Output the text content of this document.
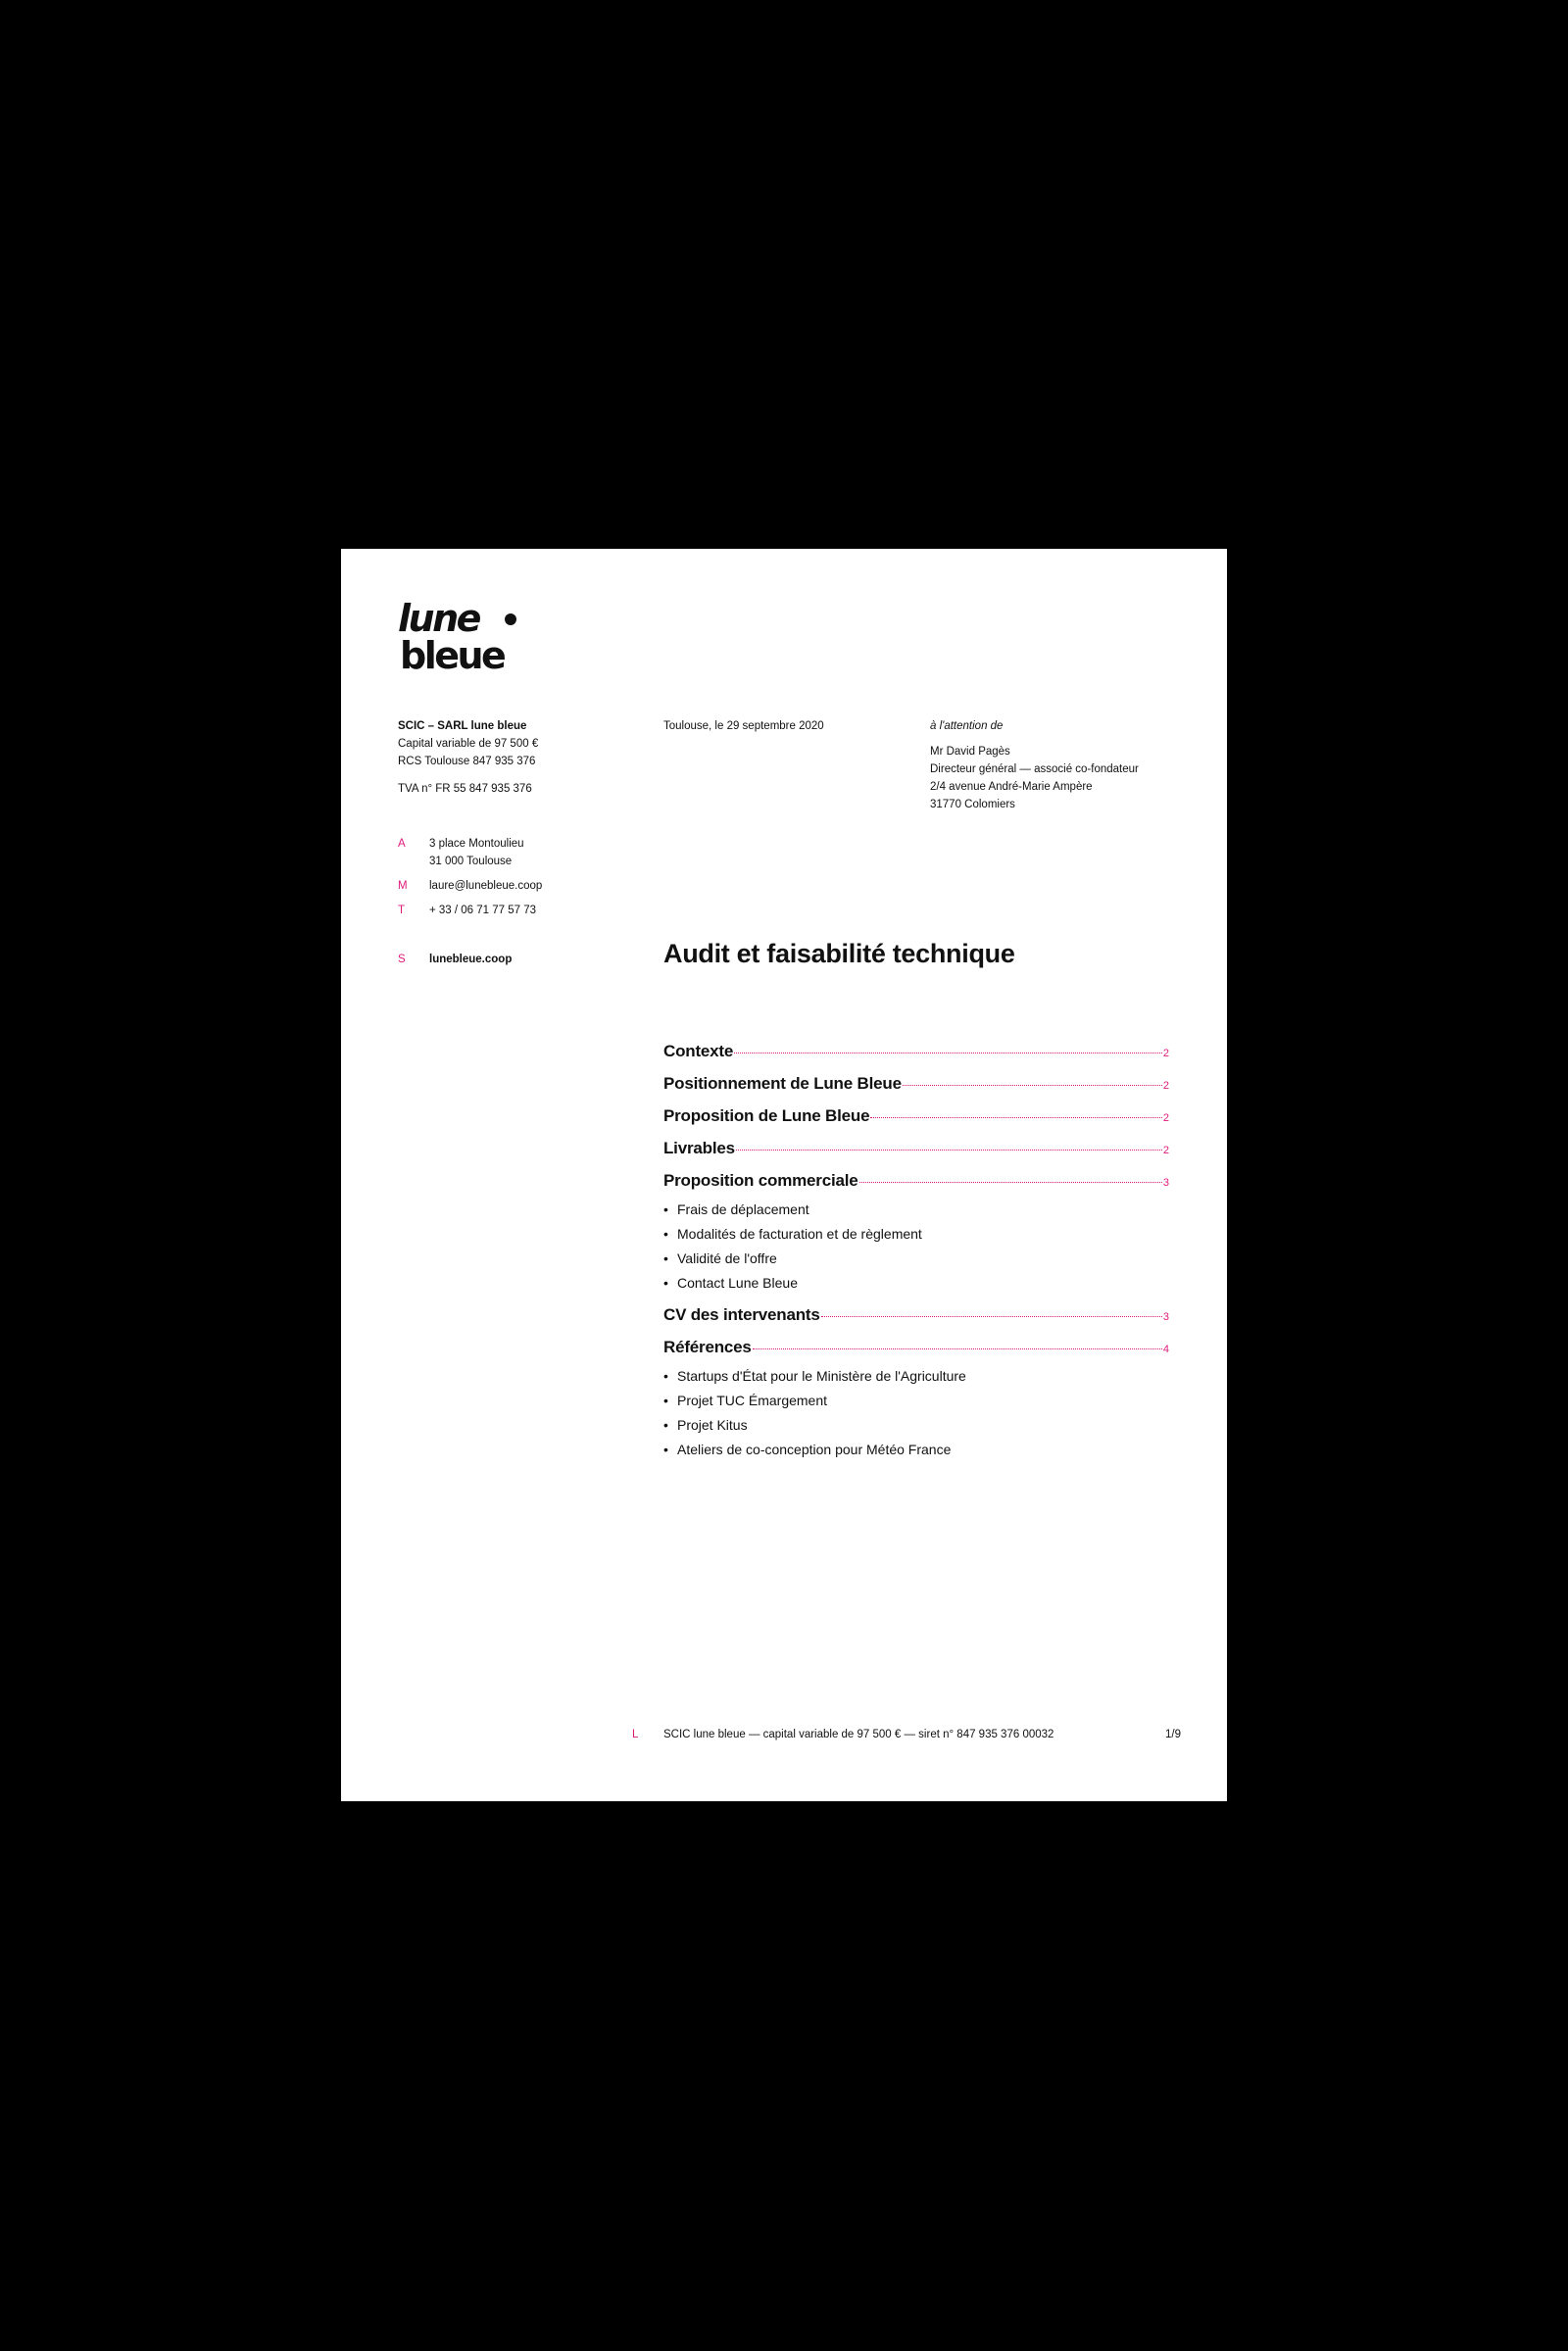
lune
bleue
SCIC – SARL lune bleue
Capital variable de 97 500 €
RCS Toulouse 847 935 376
TVA n° FR 55 847 935 376
A	3 place Montoulieu
31 000 Toulouse
M	laure@lunebleue.coop
T	+ 33 / 06 71 77 57 73
S	lunebleue.coop
Toulouse, le 29 septembre 2020	à l'attention de
Mr David Pagès
Directeur général — associé co-fondateur
2/4 avenue André-Marie Ampère
31770 Colomiers
Audit et faisabilité technique
Contexte	2
Positionnement de Lune Bleue	2
Proposition de Lune Bleue	2
Livrables	2
Proposition commerciale	3
• Frais de déplacement
• Modalités de facturation et de règlement
• Validité de l'offre
• Contact Lune Bleue
CV des intervenants	3
Références	4
• Startups d'État pour le Ministère de l'Agriculture
• Projet TUC Émargement
• Projet Kitus
• Ateliers de co-conception pour Météo France
L	SCIC lune bleue — capital variable de 97 500 € — siret n° 847 935 376 00032	1/9
